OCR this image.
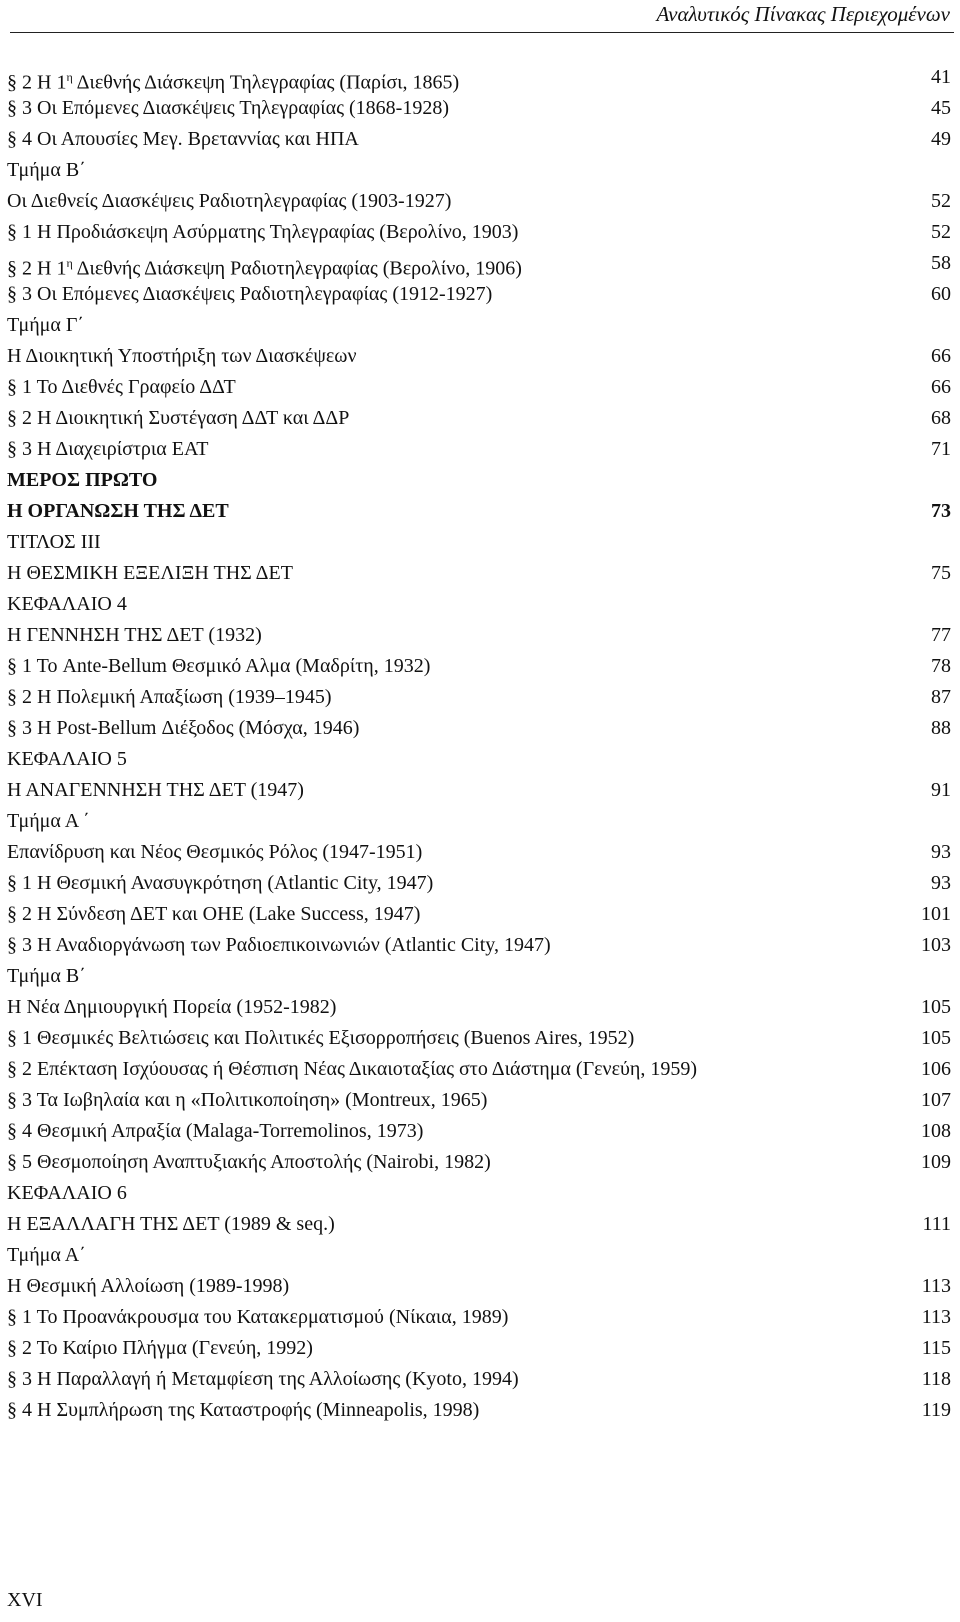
Αναλυτικός Πίνακας Περιεχομένων
§ 2 Η $1^\eta$ Διεθνής Διάσκεψη Τηλεγραφίας (Παρίσι, 1865)	41
§ 3 Οι Επόμενες Διασκέψεις Τηλεγραφίας (1868-1928)	45
§ 4 Οι Απουσίες Μεγ. Βρεταννίας και ΗΠΑ	49
Τμήμα Β΄
Οι Διεθνείς Διασκέψεις Ραδιοτηλεγραφίας (1903-1927)	52
§ 1 Η Προδιάσκεψη Ασύρματης Τηλεγραφίας (Βερολίνο, 1903)	52
§ 2 Η $1^\eta$ Διεθνής Διάσκεψη Ραδιοτηλεγραφίας (Βερολίνο, 1906)	58
§ 3 Οι Επόμενες Διασκέψεις Ραδιοτηλεγραφίας (1912-1927)	60
Τμήμα Γ΄
Η Διοικητική Υποστήριξη των Διασκέψεων	66
§ 1 Το Διεθνές Γραφείο ΔΔΤ	66
§ 2 Η Διοικητική Συστέγαση ΔΔΤ και ΔΔΡ	68
§ 3 Η Διαχειρίστρια ΕΑΤ	71
ΜΕΡΟΣ ΠΡΩΤΟ
Η ΟΡΓΑΝΩΣΗ ΤΗΣ ΔΕΤ	73
ΤΙΤΛΟΣ ΙΙΙ
Η ΘΕΣΜΙΚΗ ΕΞΕΛΙΞΗ ΤΗΣ ΔΕΤ	75
ΚΕΦΑΛΑΙΟ 4
Η ΓΕΝΝΗΣΗ ΤΗΣ ΔΕΤ (1932)	77
§ 1 Το Ante-Bellum Θεσμικό Αλμα (Μαδρίτη, 1932)	78
§ 2 Η Πολεμική Απαξίωση (1939–1945)	87
§ 3 Η Post-Bellum Διέξοδος (Μόσχα, 1946)	88
ΚΕΦΑΛΑΙΟ 5
Η ΑΝΑΓΕΝΝΗΣΗ ΤΗΣ ΔΕΤ (1947)	91
Τμήμα Α ΄
Επανίδρυση και Νέος Θεσμικός Ρόλος (1947-1951)	93
§ 1 Η Θεσμική Ανασυγκρότηση (Atlantic City, 1947)	93
§ 2 Η Σύνδεση ΔΕΤ και ΟΗΕ (Lake Success, 1947)	101
§ 3 Η Αναδιοργάνωση των Ραδιοεπικοινωνιών (Atlantic City, 1947)	103
Τμήμα Β΄
Η Νέα Δημιουργική Πορεία (1952-1982)	105
§ 1 Θεσμικές Βελτιώσεις και Πολιτικές Εξισορροπήσεις (Buenos Aires, 1952)	105
§ 2 Επέκταση Ισχύουσας ή Θέσπιση Νέας Δικαιοταξίας στο Διάστημα (Γενεύη, 1959)	106
§ 3 Τα Ιωβηλαία και η «Πολιτικοποίηση» (Montreux, 1965)	107
§ 4 Θεσμική Απραξία (Malaga-Torremolinos, 1973)	108
§ 5 Θεσμοποίηση Αναπτυξιακής Αποστολής (Nairobi, 1982)	109
ΚΕΦΑΛΑΙΟ 6
Η ΕΞΑΛΛΑΓΗ ΤΗΣ ΔΕΤ (1989 & seq.)	111
Τμήμα Α΄
Η Θεσμική Αλλοίωση (1989-1998)	113
§ 1 Το Προανάκρουσμα του Κατακερματισμού (Νίκαια, 1989)	113
§ 2 Το Καίριο Πλήγμα (Γενεύη, 1992)	115
§ 3 Η Παραλλαγή ή Μεταμφίεση της Αλλοίωσης (Kyoto, 1994)	118
§ 4 Η Συμπλήρωση της Καταστροφής (Minneapolis, 1998)	119
XVI
